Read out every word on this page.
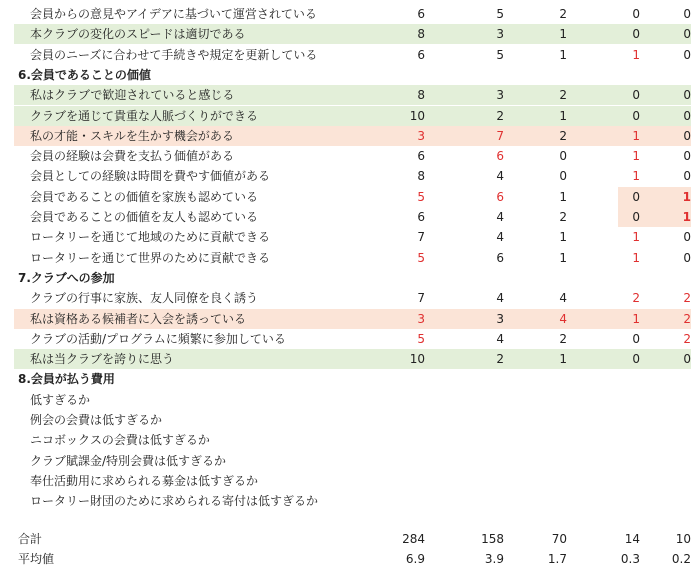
会員からの意見やアイデアに基づいて運営されている	6	5	2	0	0
本クラブの変化のスピードは適切である	8	3	1	0	0
会員のニーズに合わせて手続きや規定を更新している	6	5	1	1	0
6.会員であることの価値
私はクラブで歓迎されていると感じる	8	3	2	0	0
クラブを通じて貴重な人脈づくりができる	10	2	1	0	0
私の才能・スキルを生かす機会がある	3	7	2	1	0
会員の経験は会費を支払う価値がある	6	6	0	1	0
会員としての経験は時間を費やす価値がある	8	4	0	1	0
会員であることの価値を家族も認めている	5	6	1	0	1
会員であることの価値を友人も認めている	6	4	2	0	1
ロータリーを通じて地域のために貢献できる	7	4	1	1	0
ロータリーを通じて世界のために貢献できる	5	6	1	1	0
7.クラブへの参加
クラブの行事に家族、友人同僚を良く誘う	7	4	4	2	2
私は資格ある候補者に入会を誘っている	3	3	4	1	2
クラブの活動/プログラムに頻繁に参加している	5	4	2	0	2
私は当クラブを誇りに思う	10	2	1	0	0
8.会員が払う費用
低すぎるか
例会の会費は低すぎるか
ニコボックスの会費は低すぎるか
クラブ賦課金/特別会費は低すぎるか
奉仕活動用に求められる募金は低すぎるか
ロータリー財団のために求められる寄付は低すぎるか
合計	284	158	70	14	10
平均値	6.9	3.9	1.7	0.3	0.2
